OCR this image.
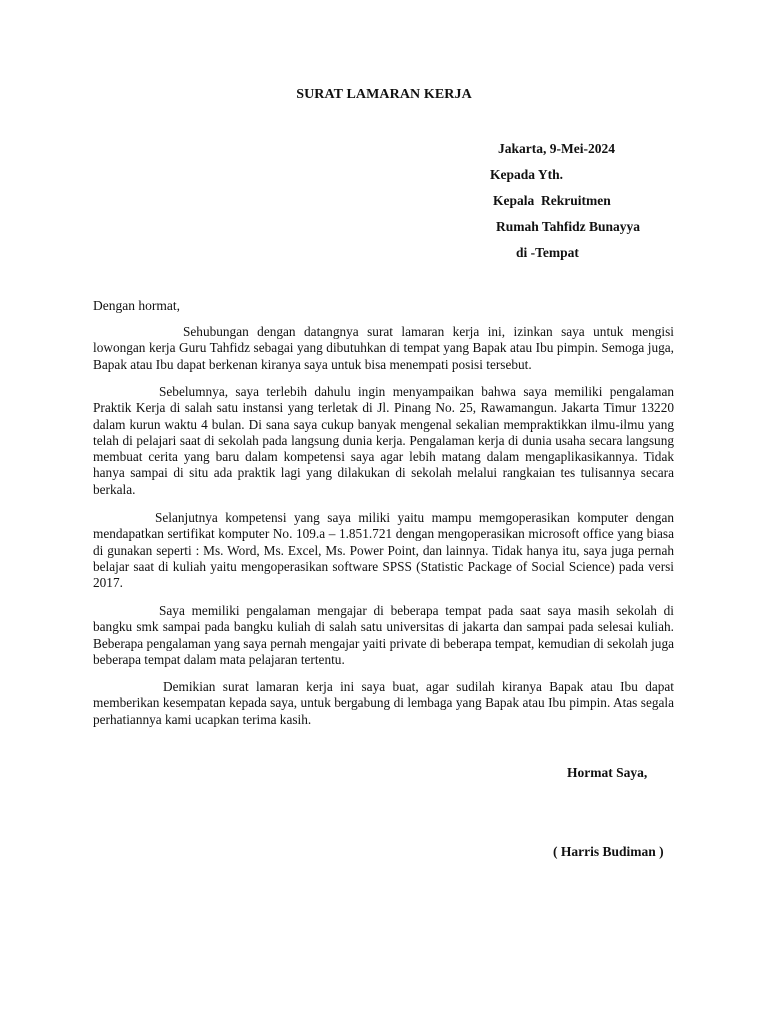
SURAT LAMARAN KERJA
Jakarta, 9-Mei-2024
Kepada Yth.
Kepala  Rekruitmen
Rumah Tahfidz Bunayya
di -Tempat
Dengan hormat,

Sehubungan dengan datangnya surat lamaran kerja ini, izinkan saya untuk mengisi lowongan kerja Guru Tahfidz sebagai yang dibutuhkan di tempat yang Bapak atau Ibu pimpin. Semoga juga, Bapak atau Ibu dapat berkenan kiranya saya untuk bisa menempati posisi tersebut.

Sebelumnya, saya terlebih dahulu ingin menyampaikan bahwa saya memiliki pengalaman Praktik Kerja di salah satu instansi yang terletak di Jl. Pinang No. 25, Rawamangun. Jakarta Timur 13220 dalam kurun waktu 4 bulan. Di sana saya cukup banyak mengenal sekalian mempraktikkan ilmu-ilmu yang telah di pelajari saat di sekolah pada langsung dunia kerja. Pengalaman kerja di dunia usaha secara langsung membuat cerita yang baru dalam kompetensi saya agar lebih matang dalam mengaplikasikannya. Tidak hanya sampai di situ ada praktik lagi yang dilakukan di sekolah melalui rangkaian tes tulisannya secara berkala.

Selanjutnya kompetensi yang saya miliki yaitu mampu memgoperasikan komputer dengan mendapatkan sertifikat komputer No. 109.a – 1.851.721 dengan mengoperasikan microsoft office yang biasa di gunakan seperti : Ms. Word, Ms. Excel, Ms. Power Point, dan lainnya. Tidak hanya itu, saya juga pernah belajar saat di kuliah yaitu mengoperasikan software SPSS (Statistic Package of Social Science) pada versi 2017.

Saya memiliki pengalaman mengajar di beberapa tempat pada saat saya masih sekolah di bangku smk sampai pada bangku kuliah di salah satu universitas di jakarta dan sampai pada selesai kuliah. Beberapa pengalaman yang saya pernah mengajar yaiti private di beberapa tempat, kemudian di sekolah juga beberapa tempat dalam mata pelajaran tertentu.

Demikian surat lamaran kerja ini saya buat, agar sudilah kiranya Bapak atau Ibu dapat memberikan kesempatan kepada saya, untuk bergabung di lembaga yang Bapak atau Ibu pimpin. Atas segala perhatiannya kami ucapkan terima kasih.

Hormat Saya,
( Harris Budiman )
